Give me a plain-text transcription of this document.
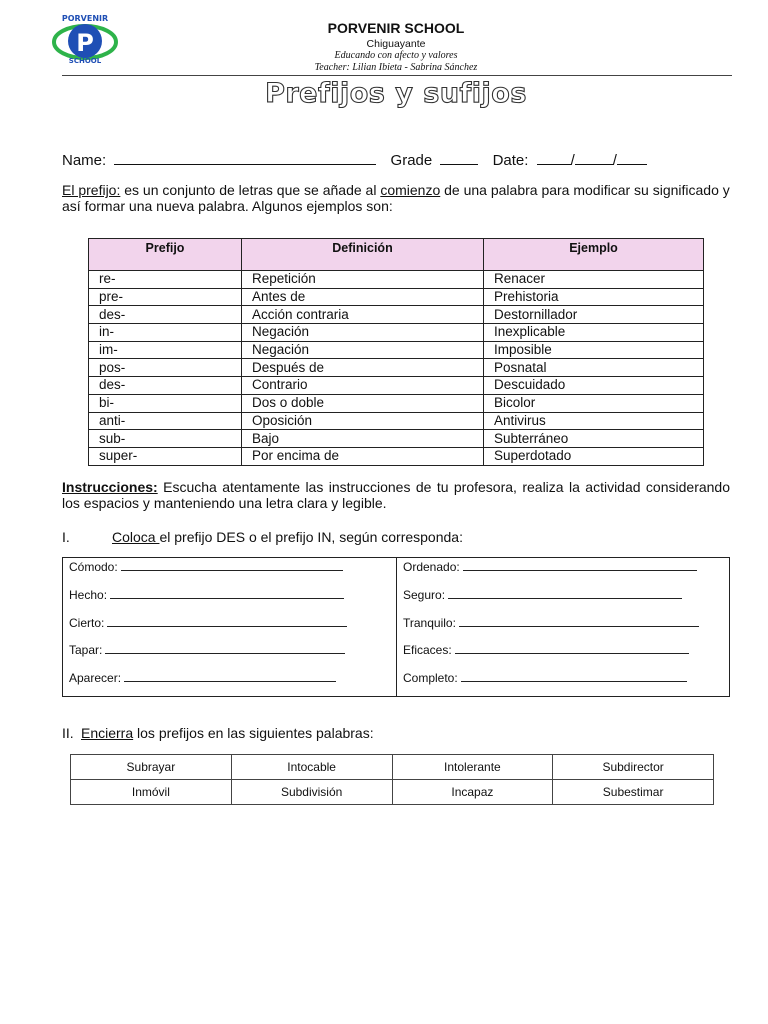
P
PORVENIR
SCHOOL
PORVENIR SCHOOL
Chiguayante
Educando con afecto y valores
Teacher: Lilian Ibieta - Sabrina Sánchez
Prefijos y sufijos
Name:	Grade	Date:	/	/
El prefijo: es un conjunto de letras que se añade al comienzo de una palabra para modificar su significado y así formar una nueva palabra. Algunos ejemplos son:
Prefijo	Definición	Ejemplo
re-	Repetición	Renacer
pre-	Antes de	Prehistoria
des-	Acción contraria	Destornillador
in-	Negación	Inexplicable
im-	Negación	Imposible
pos-	Después de	Posnatal
des-	Contrario	Descuidado
bi-	Dos o doble	Bicolor
anti-	Oposición	Antivirus
sub-	Bajo	Subterráneo
super-	Por encima de	Superdotado
Instrucciones: Escucha atentamente las instrucciones de tu profesora, realiza la actividad considerando los espacios y manteniendo una letra clara y legible.
I.	Coloca el prefijo DES o el prefijo IN, según corresponda:
Cómodo:
Hecho:
Cierto:
Tapar:
Aparecer:
Ordenado:
Seguro:
Tranquilo:
Eficaces:
Completo:
II. Encierra los prefijos en las siguientes palabras:
Subrayar	Intocable	Intolerante	Subdirector
Inmóvil	Subdivisión	Incapaz	Subestimar
